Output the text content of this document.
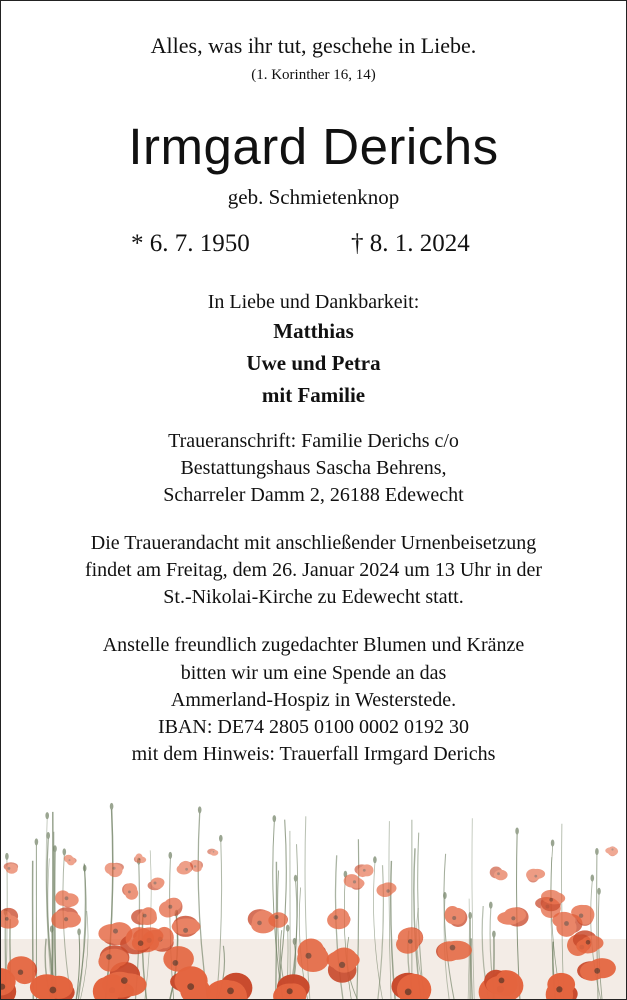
Alles, was ihr tut, geschehe in Liebe.

(1. Korinther 16, 14)

Irmgard Derichs

geb. Schmietenknop

* 6. 7. 1950	† 8. 1. 2024

In Liebe und Dankbarkeit:

Matthias

Uwe und Petra

mit Familie

Traueranschrift: Familie Derichs c/o

Bestattungshaus Sascha Behrens,

Scharreler Damm 2, 26188 Edewecht

Die Trauerandacht mit anschließender Urnenbeisetzung

findet am Freitag, dem 26. Januar 2024 um 13 Uhr in der

St.-Nikolai-Kirche zu Edewecht statt.

Anstelle freundlich zugedachter Blumen und Kränze

bitten wir um eine Spende an das

Ammerland-Hospiz in Westerstede.

IBAN: DE74 2805 0100 0002 0192 30

mit dem Hinweis: Trauerfall Irmgard Derichs
